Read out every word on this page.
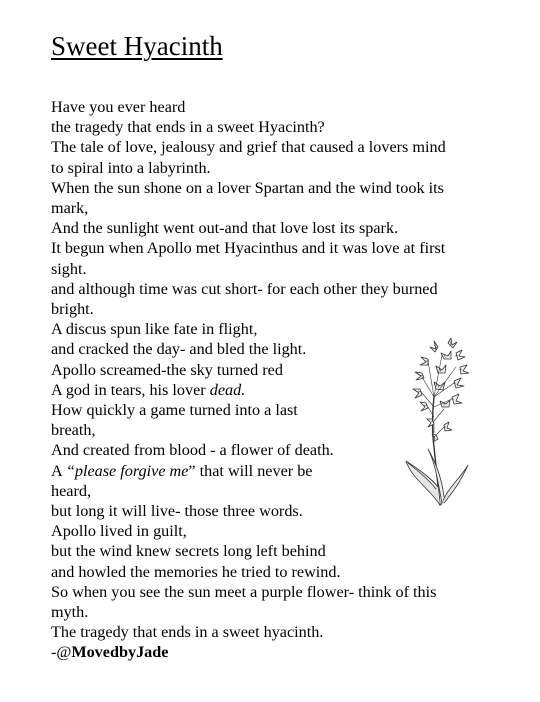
Sweet Hyacinth
Have you ever heard
the tragedy that ends in a sweet Hyacinth?
The tale of love, jealousy and grief that caused a lovers mind
to spiral into a labyrinth.
When the sun shone on a lover Spartan and the wind took its
mark,
And the sunlight went out-and that love lost its spark.
It begun when Apollo met Hyacinthus and it was love at first
sight.
and although time was cut short- for each other they burned
bright.
A discus spun like fate in flight,
and cracked the day- and bled the light.
Apollo screamed-the sky turned red
A god in tears, his lover dead.
How quickly a game turned into a last
breath,
And created from blood - a flower of death.
A “please forgive me” that will never be
heard,
but long it will live- those three words.
Apollo lived in guilt,
but the wind knew secrets long left behind
and howled the memories he tried to rewind.
So when you see the sun meet a purple flower- think of this
myth.
The tragedy that ends in a sweet hyacinth.
-@MovedbyJade
